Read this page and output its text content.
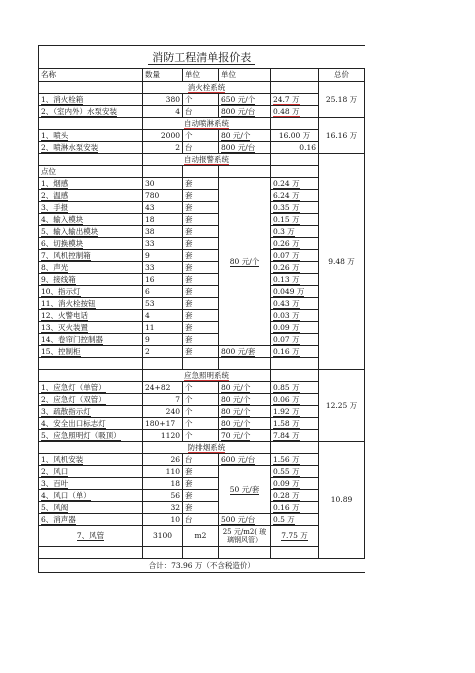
消防工程清单报价表					
名称	数量	单位	单位		总价
	消火栓系统				25.18 万
1、消火栓箱	380	个	650 元/个	24.7 万	
2、（室内外）水泵安装	4	台	800 元/台	0.48 万	
	自动喷淋系统				16.16 万
1、喷头	2000	个	80 元/个	16.00 万	
2、喷淋水泵安装	2	台	800 元/台	0.16	
	自动报警系统				9.48 万
点位					
1、烟感	30	套	80 元/个	0.24 万	
2、温感	780	套		6.24 万	
3、手报	43	套		0.35 万	
4、输入模块	18	套		0.15 万	
5、输入输出模块	38	套		0.3 万	
6、切换模块	33	套		0.26 万	
7、风机控制箱	9	套		0.07 万	
8、声光	33	套		0.26 万	
9、接线箱	16	套		0.13 万	
10、指示灯	6	套		0.049 万	
11、消火栓按钮	53	套		0.43 万	
12、火警电话	4	套		0.03 万	
13、灭火装置	11	套		0.09 万	
14、卷帘门控制器	9	套		0.07 万	
15、控制柜	2	套	800 元/套	0.16 万	

	应急照明系统				12.25 万
1、应急灯（单管）	24+82	个	80 元/个	0.85 万	
2、应急灯（双管）	7	个	80 元/个	0.06 万	
3、疏散指示灯	240	个	80 元/个	1.92 万	
4、安全出口标志灯	180+17	个	80 元/个	1.58 万	
5、应急照明灯（吸顶）	1120	个	70 元/个	7.84 万	
	防排烟系统				10.89
1、风机安装	26	台	600 元/台	1.56 万	
2、风口	110	套	50 元/套	0.55 万	
3、百叶	18	套		0.09 万	
4、风口（单）	56	套		0.28 万	
5、风阀	32	套		0.16 万	
6、消声器	10	台	500 元/台	0.5 万	
7、风管	3100	m2	25 元/m2( 玻璃钢风管）	7.75 万	

合计：73.96 万（不含税造价）					
